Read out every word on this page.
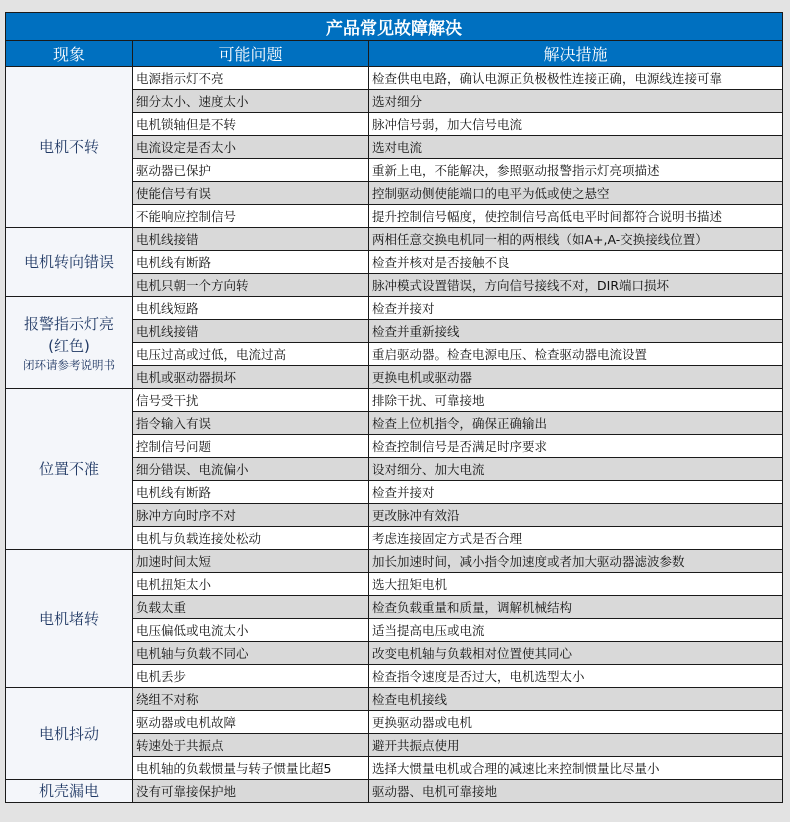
产品常见故障解决		
现象	可能问题	解决措施
电机不转	电源指示灯不亮	检查供电电路，确认电源正负极极性连接正确，电源线连接可靠
	细分太小、速度太小	选对细分
	电机锁轴但是不转	脉冲信号弱，加大信号电流
	电流设定是否太小	选对电流
	驱动器已保护	重新上电，不能解决，参照驱动报警指示灯亮项描述
	使能信号有误	控制驱动侧使能端口的电平为低或使之悬空
	不能响应控制信号	提升控制信号幅度，使控制信号高低电平时间都符合说明书描述
电机转向错误	电机线接错	两相任意交换电机同一相的两根线（如A+,A-交换接线位置）
	电机线有断路	检查并核对是否接触不良
	电机只朝一个方向转	脉冲模式设置错误，方向信号接线不对，DIR端口损坏
报警指示灯亮
(红色)
闭环请参考说明书	电机线短路	检查并接对
	电机线接错	检查并重新接线
	电压过高或过低，电流过高	重启驱动器。检查电源电压、检查驱动器电流设置
	电机或驱动器损坏	更换电机或驱动器
位置不准	信号受干扰	排除干扰、可靠接地
	指令输入有误	检查上位机指令，确保正确输出
	控制信号问题	检查控制信号是否满足时序要求
	细分错误、电流偏小	设对细分、加大电流
	电机线有断路	检查并接对
	脉冲方向时序不对	更改脉冲有效沿
	电机与负载连接处松动	考虑连接固定方式是否合理
电机堵转	加速时间太短	加长加速时间，减小指令加速度或者加大驱动器滤波参数
	电机扭矩太小	选大扭矩电机
	负载太重	检查负载重量和质量，调解机械结构
	电压偏低或电流太小	适当提高电压或电流
	电机轴与负载不同心	改变电机轴与负载相对位置使其同心
	电机丢步	检查指令速度是否过大，电机选型太小
电机抖动	绕组不对称	检查电机接线
	驱动器或电机故障	更换驱动器或电机
	转速处于共振点	避开共振点使用
	电机轴的负载惯量与转子惯量比超5	选择大惯量电机或合理的减速比来控制惯量比尽量小
机壳漏电	没有可靠接保护地	驱动器、电机可靠接地
